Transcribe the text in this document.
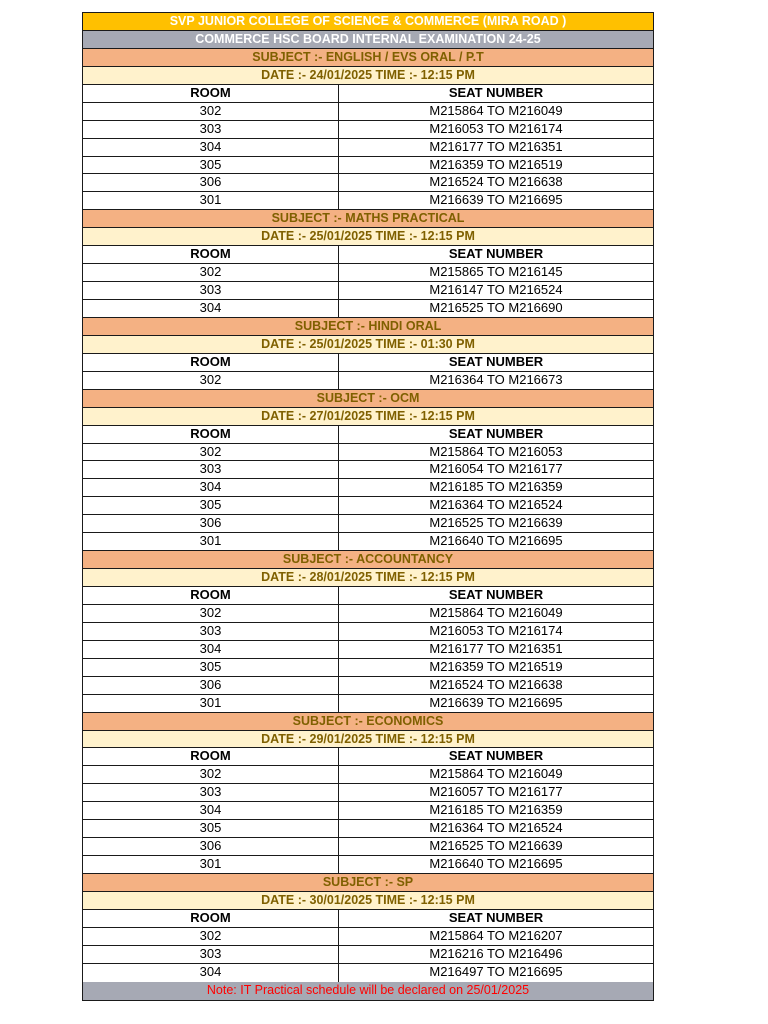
SVP JUNIOR COLLEGE OF SCIENCE & COMMERCE (MIRA ROAD )
COMMERCE HSC BOARD INTERNAL EXAMINATION 24-25
SUBJECT :- ENGLISH / EVS ORAL / P.T
DATE :- 24/01/2025 TIME :- 12:15 PM
ROOM	SEAT NUMBER
302	M215864 TO M216049
303	M216053 TO M216174
304	M216177 TO M216351
305	M216359 TO M216519
306	M216524 TO M216638
301	M216639 TO M216695
SUBJECT :- MATHS PRACTICAL
DATE :- 25/01/2025 TIME :- 12:15 PM
ROOM	SEAT NUMBER
302	M215865 TO M216145
303	M216147 TO M216524
304	M216525 TO M216690
SUBJECT :- HINDI ORAL
DATE :- 25/01/2025 TIME :- 01:30 PM
ROOM	SEAT NUMBER
302	M216364 TO M216673
SUBJECT :- OCM
DATE :- 27/01/2025 TIME :- 12:15 PM
ROOM	SEAT NUMBER
302	M215864 TO M216053
303	M216054 TO M216177
304	M216185 TO M216359
305	M216364 TO M216524
306	M216525 TO M216639
301	M216640 TO M216695
SUBJECT :- ACCOUNTANCY
DATE :- 28/01/2025 TIME :- 12:15 PM
ROOM	SEAT NUMBER
302	M215864 TO M216049
303	M216053 TO M216174
304	M216177 TO M216351
305	M216359 TO M216519
306	M216524 TO M216638
301	M216639 TO M216695
SUBJECT :- ECONOMICS
DATE :- 29/01/2025 TIME :- 12:15 PM
ROOM	SEAT NUMBER
302	M215864 TO M216049
303	M216057 TO M216177
304	M216185 TO M216359
305	M216364 TO M216524
306	M216525 TO M216639
301	M216640 TO M216695
SUBJECT :- SP
DATE :- 30/01/2025 TIME :- 12:15 PM
ROOM	SEAT NUMBER
302	M215864 TO M216207
303	M216216 TO M216496
304	M216497 TO M216695
Note: IT Practical schedule will be declared on 25/01/2025
